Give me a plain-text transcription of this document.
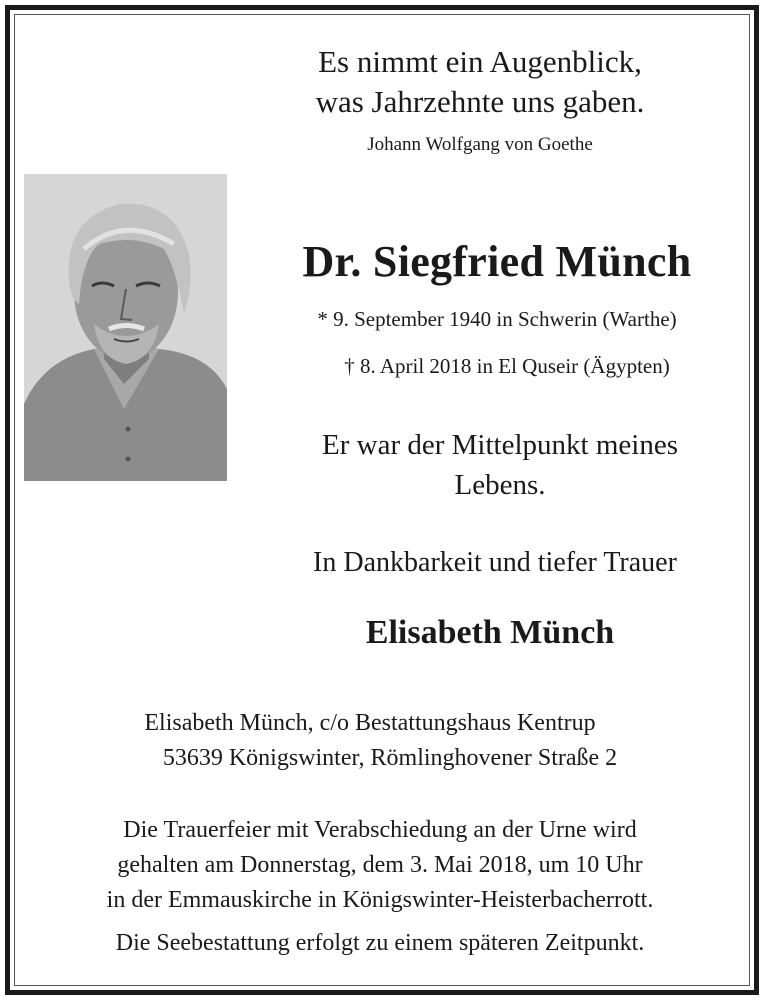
Es nimmt ein Augenblick,
was Jahrzehnte uns gaben.
Johann Wolfgang von Goethe
Dr. Siegfried Münch
* 9. September 1940 in Schwerin (Warthe)
† 8. April 2018 in El Quseir (Ägypten)
Er war der Mittelpunkt meines
Lebens.
In Dankbarkeit und tiefer Trauer
Elisabeth Münch
Elisabeth Münch, c/o Bestattungshaus Kentrup
53639 Königswinter, Römlinghovener Straße 2
Die Trauerfeier mit Verabschiedung an der Urne wird
gehalten am Donnerstag, dem 3. Mai 2018, um 10 Uhr
in der Emmauskirche in Königswinter-Heisterbacherrott.
Die Seebestattung erfolgt zu einem späteren Zeitpunkt.
